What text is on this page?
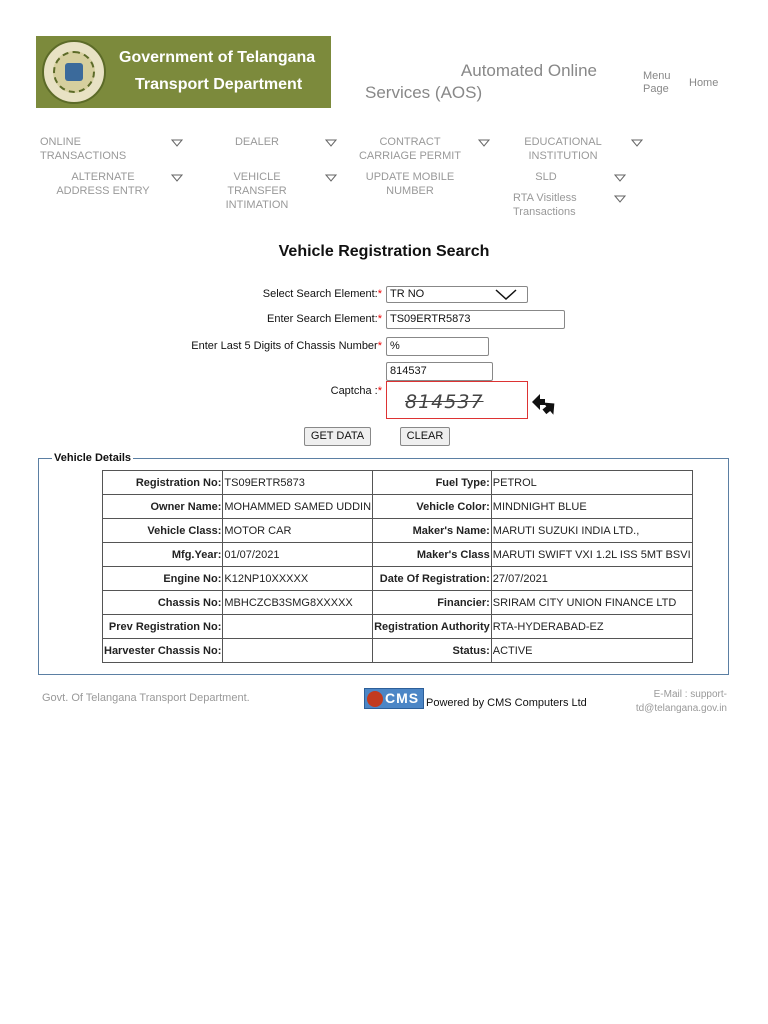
Government of Telangana
Transport Department
Automated Online
Services (AOS)
Menu Page	Home
ONLINE TRANSACTIONS
DEALER	CONTRACT CARRIAGE PERMIT
EDUCATIONAL INSTITUTION
ALTERNATE ADDRESS ENTRY
VEHICLE TRANSFER INTIMATION
UPDATE MOBILE NUMBER
SLD
RTA Visitless Transactions
Vehicle Registration Search
Select Search Element:* TR NO
Enter Search Element:* TS09ERTR5873
Enter Last 5 Digits of Chassis Number* %
814537
Captcha :* 814537
GET DATA	CLEAR
Vehicle Details
Registration No:	TS09ERTR5873	Fuel Type:	PETROL
Owner Name:	MOHAMMED SAMED UDDIN	Vehicle Color:	MINDNIGHT BLUE
Vehicle Class:	MOTOR CAR	Maker's Name:	MARUTI SUZUKI INDIA LTD.,
Mfg.Year:	01/07/2021	Maker's Class	MARUTI SWIFT VXI 1.2L ISS 5MT BSVI
Engine No:	K12NP10XXXXX	Date Of Registration:	27/07/2021
Chassis No:	MBHCZCB3SMG8XXXXX	Financier:	SRIRAM CITY UNION FINANCE LTD
Prev Registration No:		Registration Authority	RTA-HYDERABAD-EZ
Harvester Chassis No:		Status:	ACTIVE
Govt. Of Telangana Transport Department.	CMS Powered by CMS Computers Ltd
E-Mail : support-td@telangana.gov.in
